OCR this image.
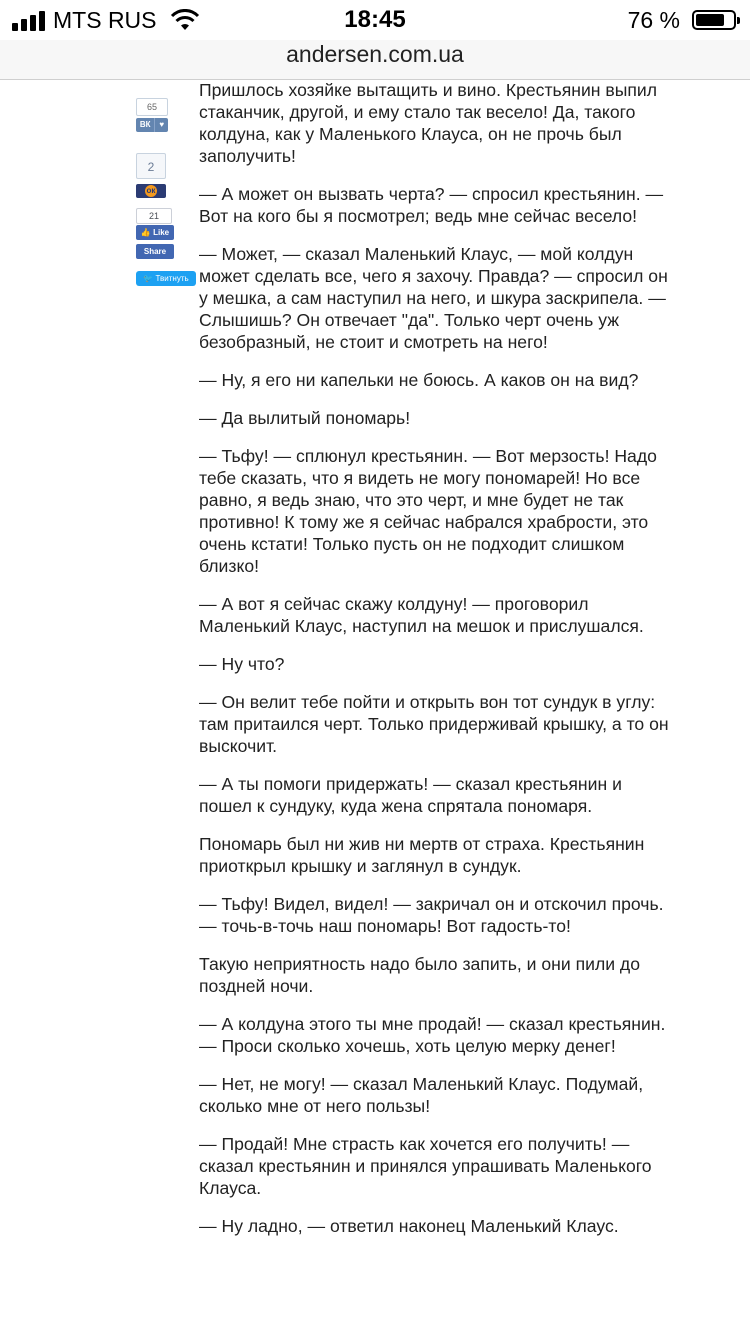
MTS RUS	18:45	76 %
andersen.com.ua
65
ВК	♥
2
ок
21
👍 Like
Share
🐦 Твитнуть

Пришлось хозяйке вытащить и вино. Крестьянин выпил стаканчик, другой, и ему стало так весело! Да, такого колдуна, как у Маленького Клауса, он не прочь был заполучить!

— А может он вызвать черта? — спросил крестьянин. — Вот на кого бы я посмотрел; ведь мне сейчас весело!

— Может, — сказал Маленький Клаус, — мой колдун может сделать все, чего я захочу. Правда? — спросил он у мешка, а сам наступил на него, и шкура заскрипела. — Слышишь? Он отвечает "да". Только черт очень уж безобразный, не стоит и смотреть на него!

— Ну, я его ни капельки не боюсь. А каков он на вид?

— Да вылитый пономарь!

— Тьфу! — сплюнул крестьянин. — Вот мерзость! Надо тебе сказать, что я видеть не могу пономарей! Но все равно, я ведь знаю, что это черт, и мне будет не так противно! К тому же я сейчас набрался храбрости, это очень кстати! Только пусть он не подходит слишком близко!

— А вот я сейчас скажу колдуну! — проговорил Маленький Клаус, наступил на мешок и прислушался.

— Ну что?

— Он велит тебе пойти и открыть вон тот сундук в углу: там притаился черт. Только придерживай крышку, а то он выскочит.

— А ты помоги придержать! — сказал крестьянин и пошел к сундуку, куда жена спрятала пономаря.

Пономарь был ни жив ни мертв от страха. Крестьянин приоткрыл крышку и заглянул в сундук.

— Тьфу! Видел, видел! — закричал он и отскочил прочь. — точь-в-точь наш пономарь! Вот гадость-то!

Такую неприятность надо было запить, и они пили до поздней ночи.

— А колдуна этого ты мне продай! — сказал крестьянин. — Проси сколько хочешь, хоть целую мерку денег!

— Нет, не могу! — сказал Маленький Клаус. Подумай, сколько мне от него пользы!

— Продай! Мне страсть как хочется его получить! — сказал крестьянин и принялся упрашивать Маленького Клауса.

— Ну ладно, — ответил наконец Маленький Клаус.
